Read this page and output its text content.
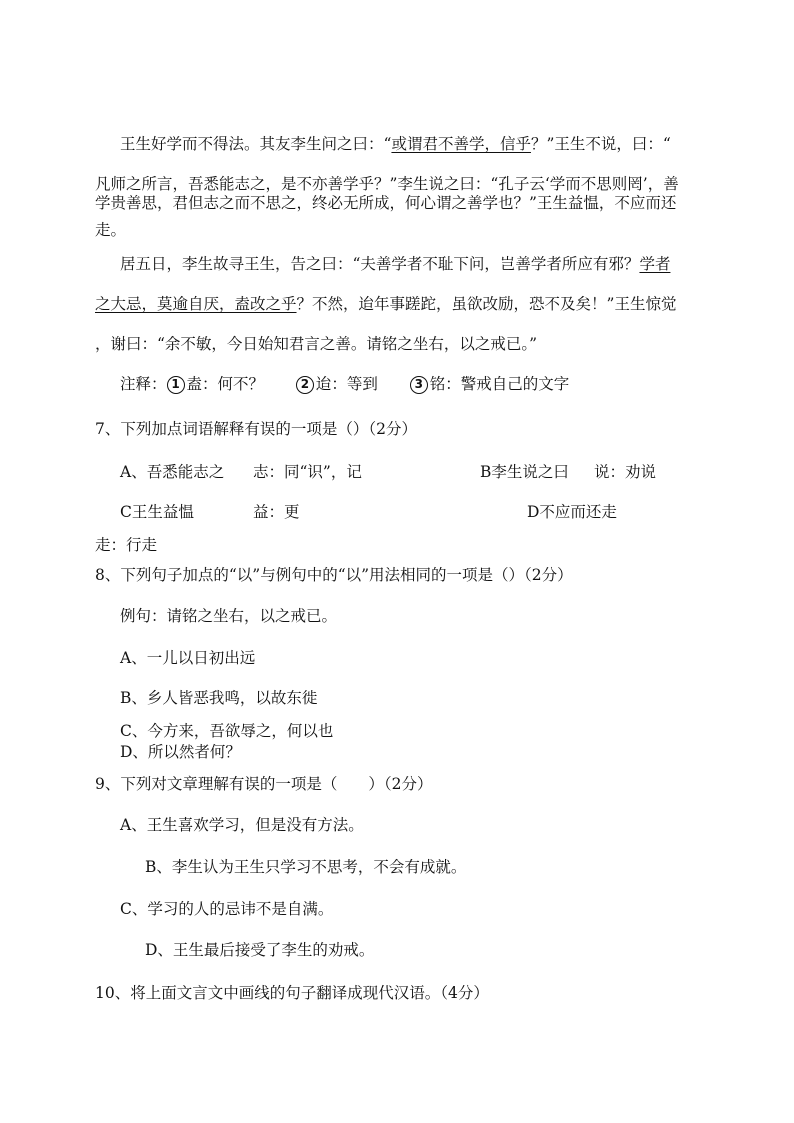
王生好学而不得法。其友李生问之曰：“或谓君不善学，信乎？”王生不说，曰：“
凡师之所言，吾悉能志之，是不亦善学乎？”李生说之曰：“孔子云‘学而不思则罔’，善
学贵善思，君但志之而不思之，终必无所成，何心谓之善学也？”王生益愠，不应而还
走。
居五日，李生故寻王生，告之曰：“夫善学者不耻下问，岂善学者所应有邪？学者
之大忌，莫逾自厌，盍改之乎？不然，迨年事蹉跎，虽欲改励，恐不及矣！”王生惊觉
，谢曰：“余不敏，今日始知君言之善。请铭之坐右，以之戒已。”
注释： 1 盍：何不？	2 迨：等到	3 铭：警戒自己的文字
7、下列加点词语解释有误的一项是（）（2分）
A、吾悉能志之 志：同“识”，记	B李生说之曰 说：劝说
C王生益愠	益：更	D不应而还走
走：行走
8、下列句子加点的“以”与例句中的“以”用法相同的一项是（）（2分）
例句：请铭之坐右，以之戒已。
A、一儿以日初出远
B、乡人皆恶我鸣，以故东徙
C、今方来，吾欲辱之，何以也
D、所以然者何？
9、下列对文章理解有误的一项是（　　）（2分）
A、王生喜欢学习，但是没有方法。
B、李生认为王生只学习不思考，不会有成就。
C、学习的人的忌讳不是自满。
D、王生最后接受了李生的劝戒。
10、将上面文言文中画线的句子翻译成现代汉语。（4分）
